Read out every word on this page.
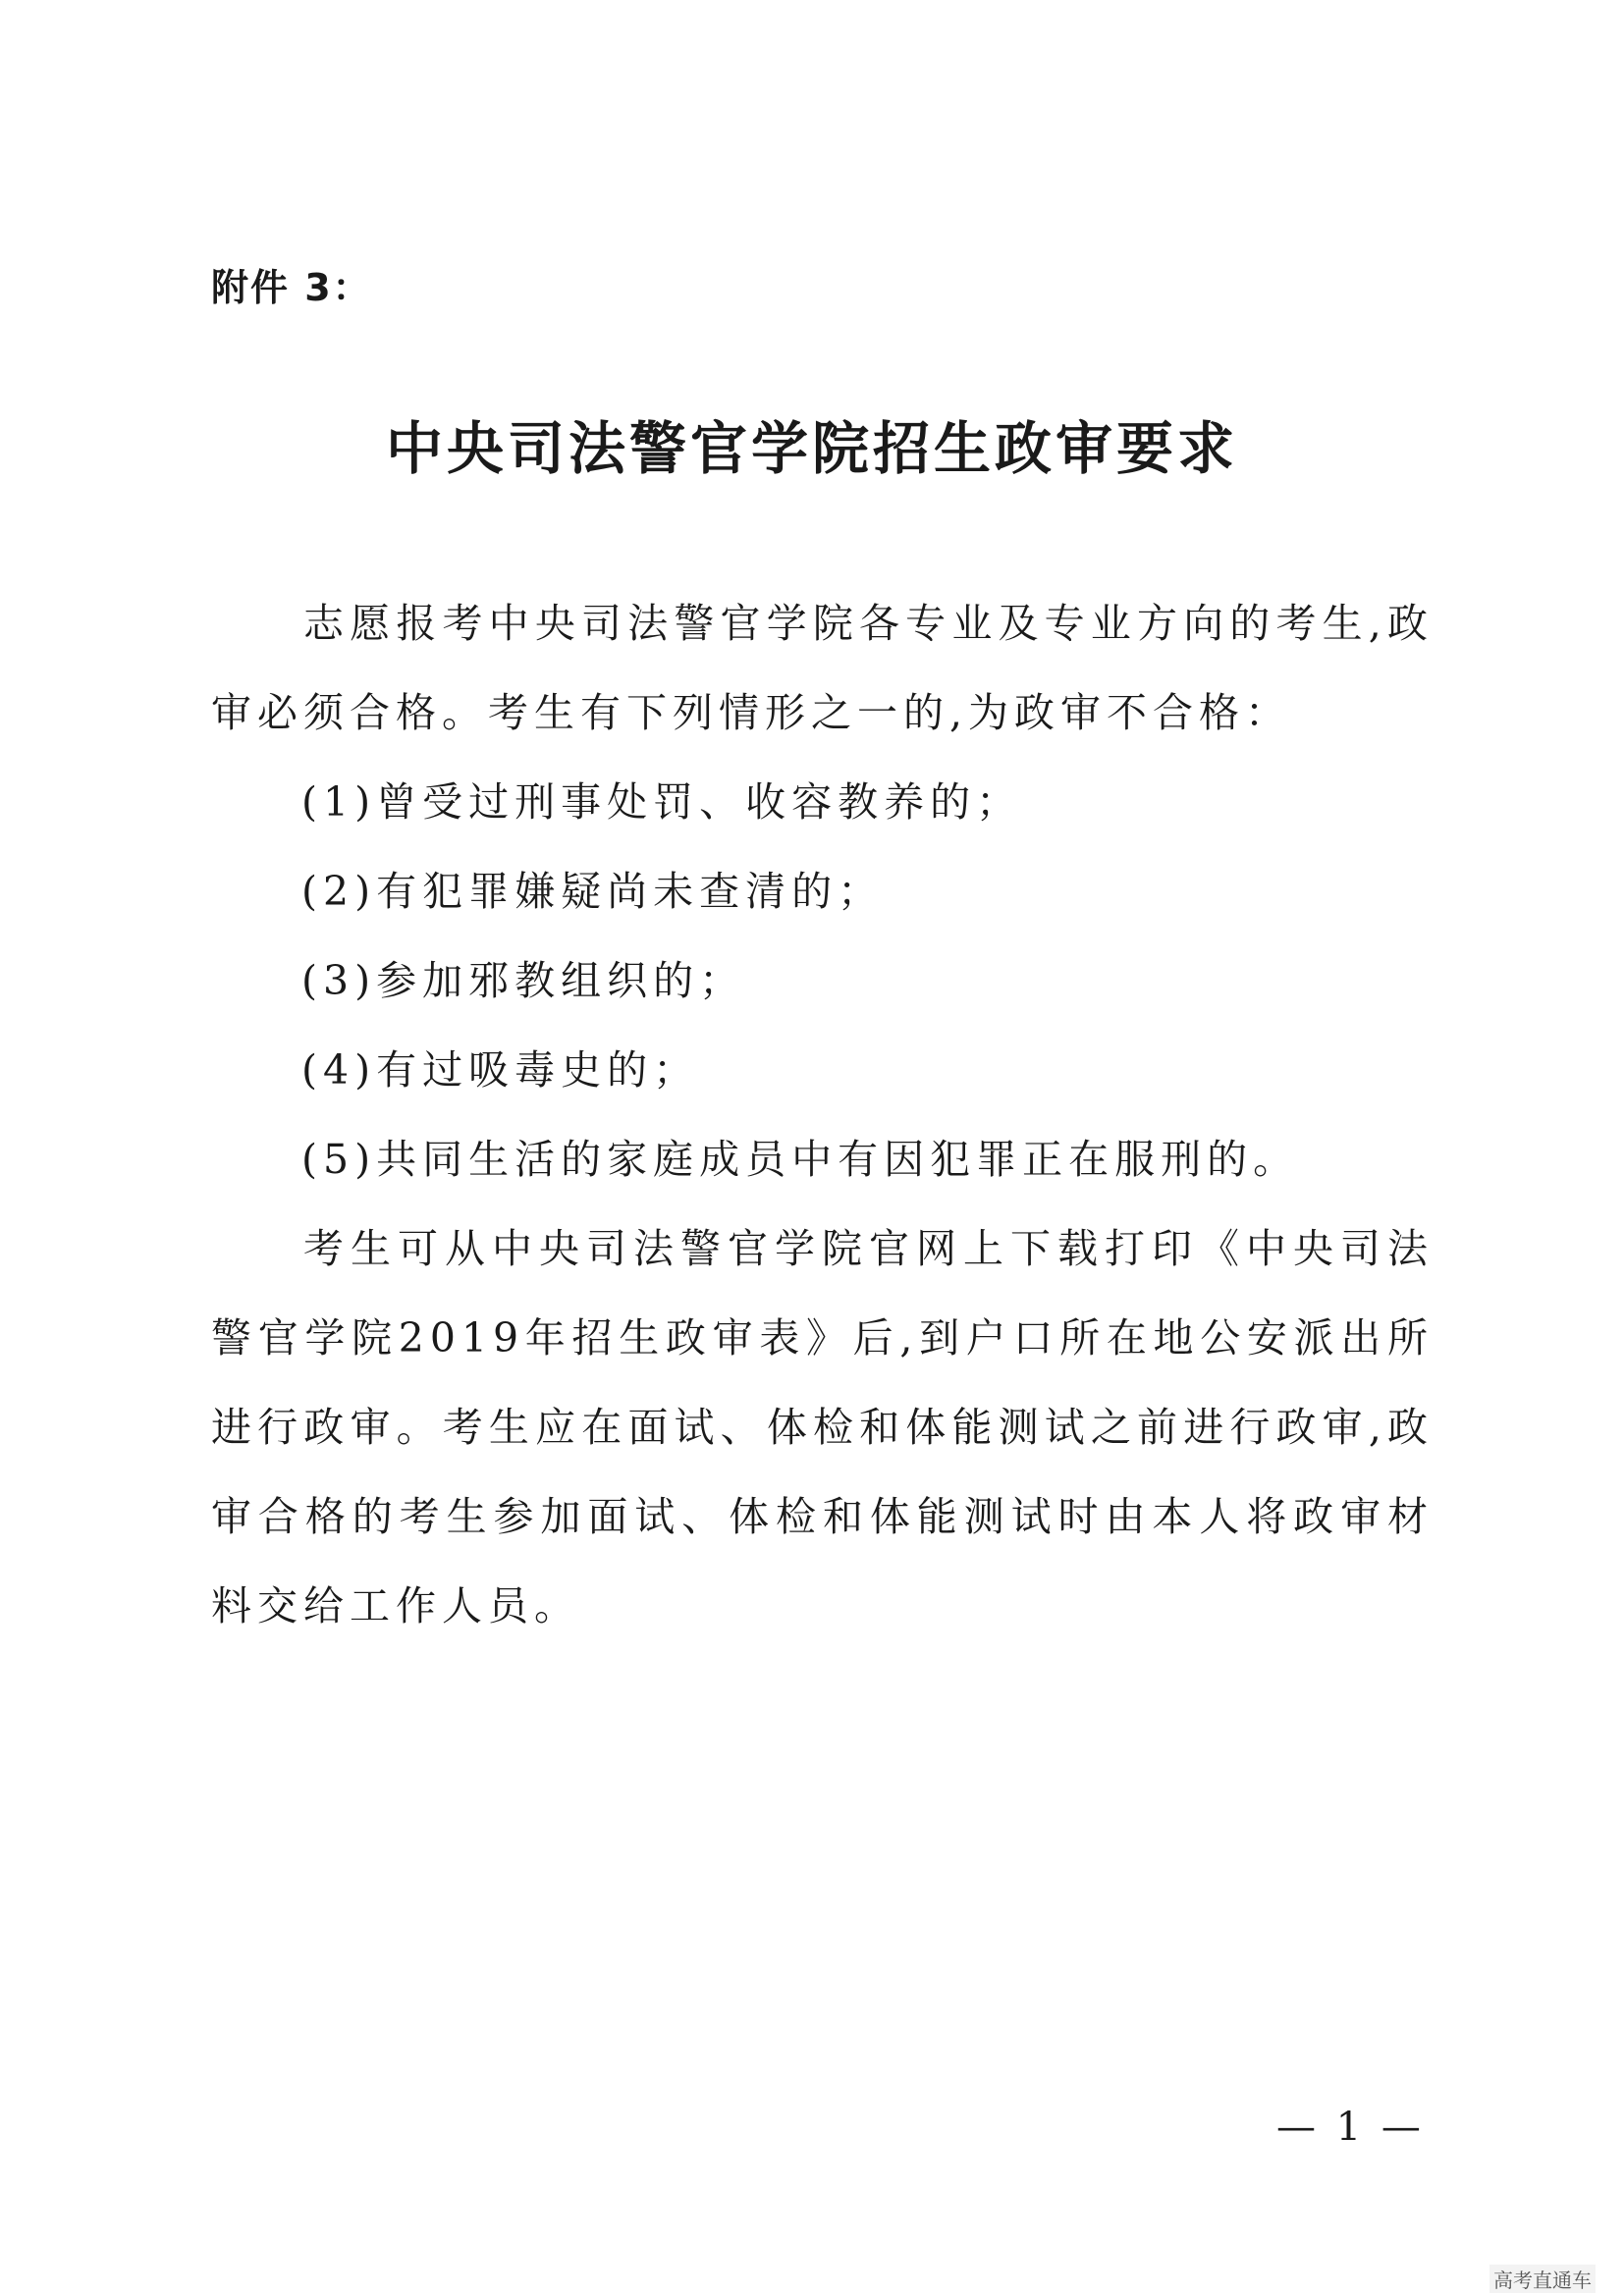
附件 3：
中央司法警官学院招生政审要求

志愿报考中央司法警官学院各专业及专业方向的考生,政审必须合格。考生有下列情形之一的,为政审不合格：

(1)曾受过刑事处罚、收容教养的；

(2)有犯罪嫌疑尚未查清的；

(3)参加邪教组织的；

(4)有过吸毒史的；

(5)共同生活的家庭成员中有因犯罪正在服刑的。

考生可从中央司法警官学院官网上下载打印《中央司法警官学院2019年招生政审表》后,到户口所在地公安派出所进行政审。考生应在面试、体检和体能测试之前进行政审,政审合格的考生参加面试、体检和体能测试时由本人将政审材料交给工作人员。

— 1 —
高考直通车
